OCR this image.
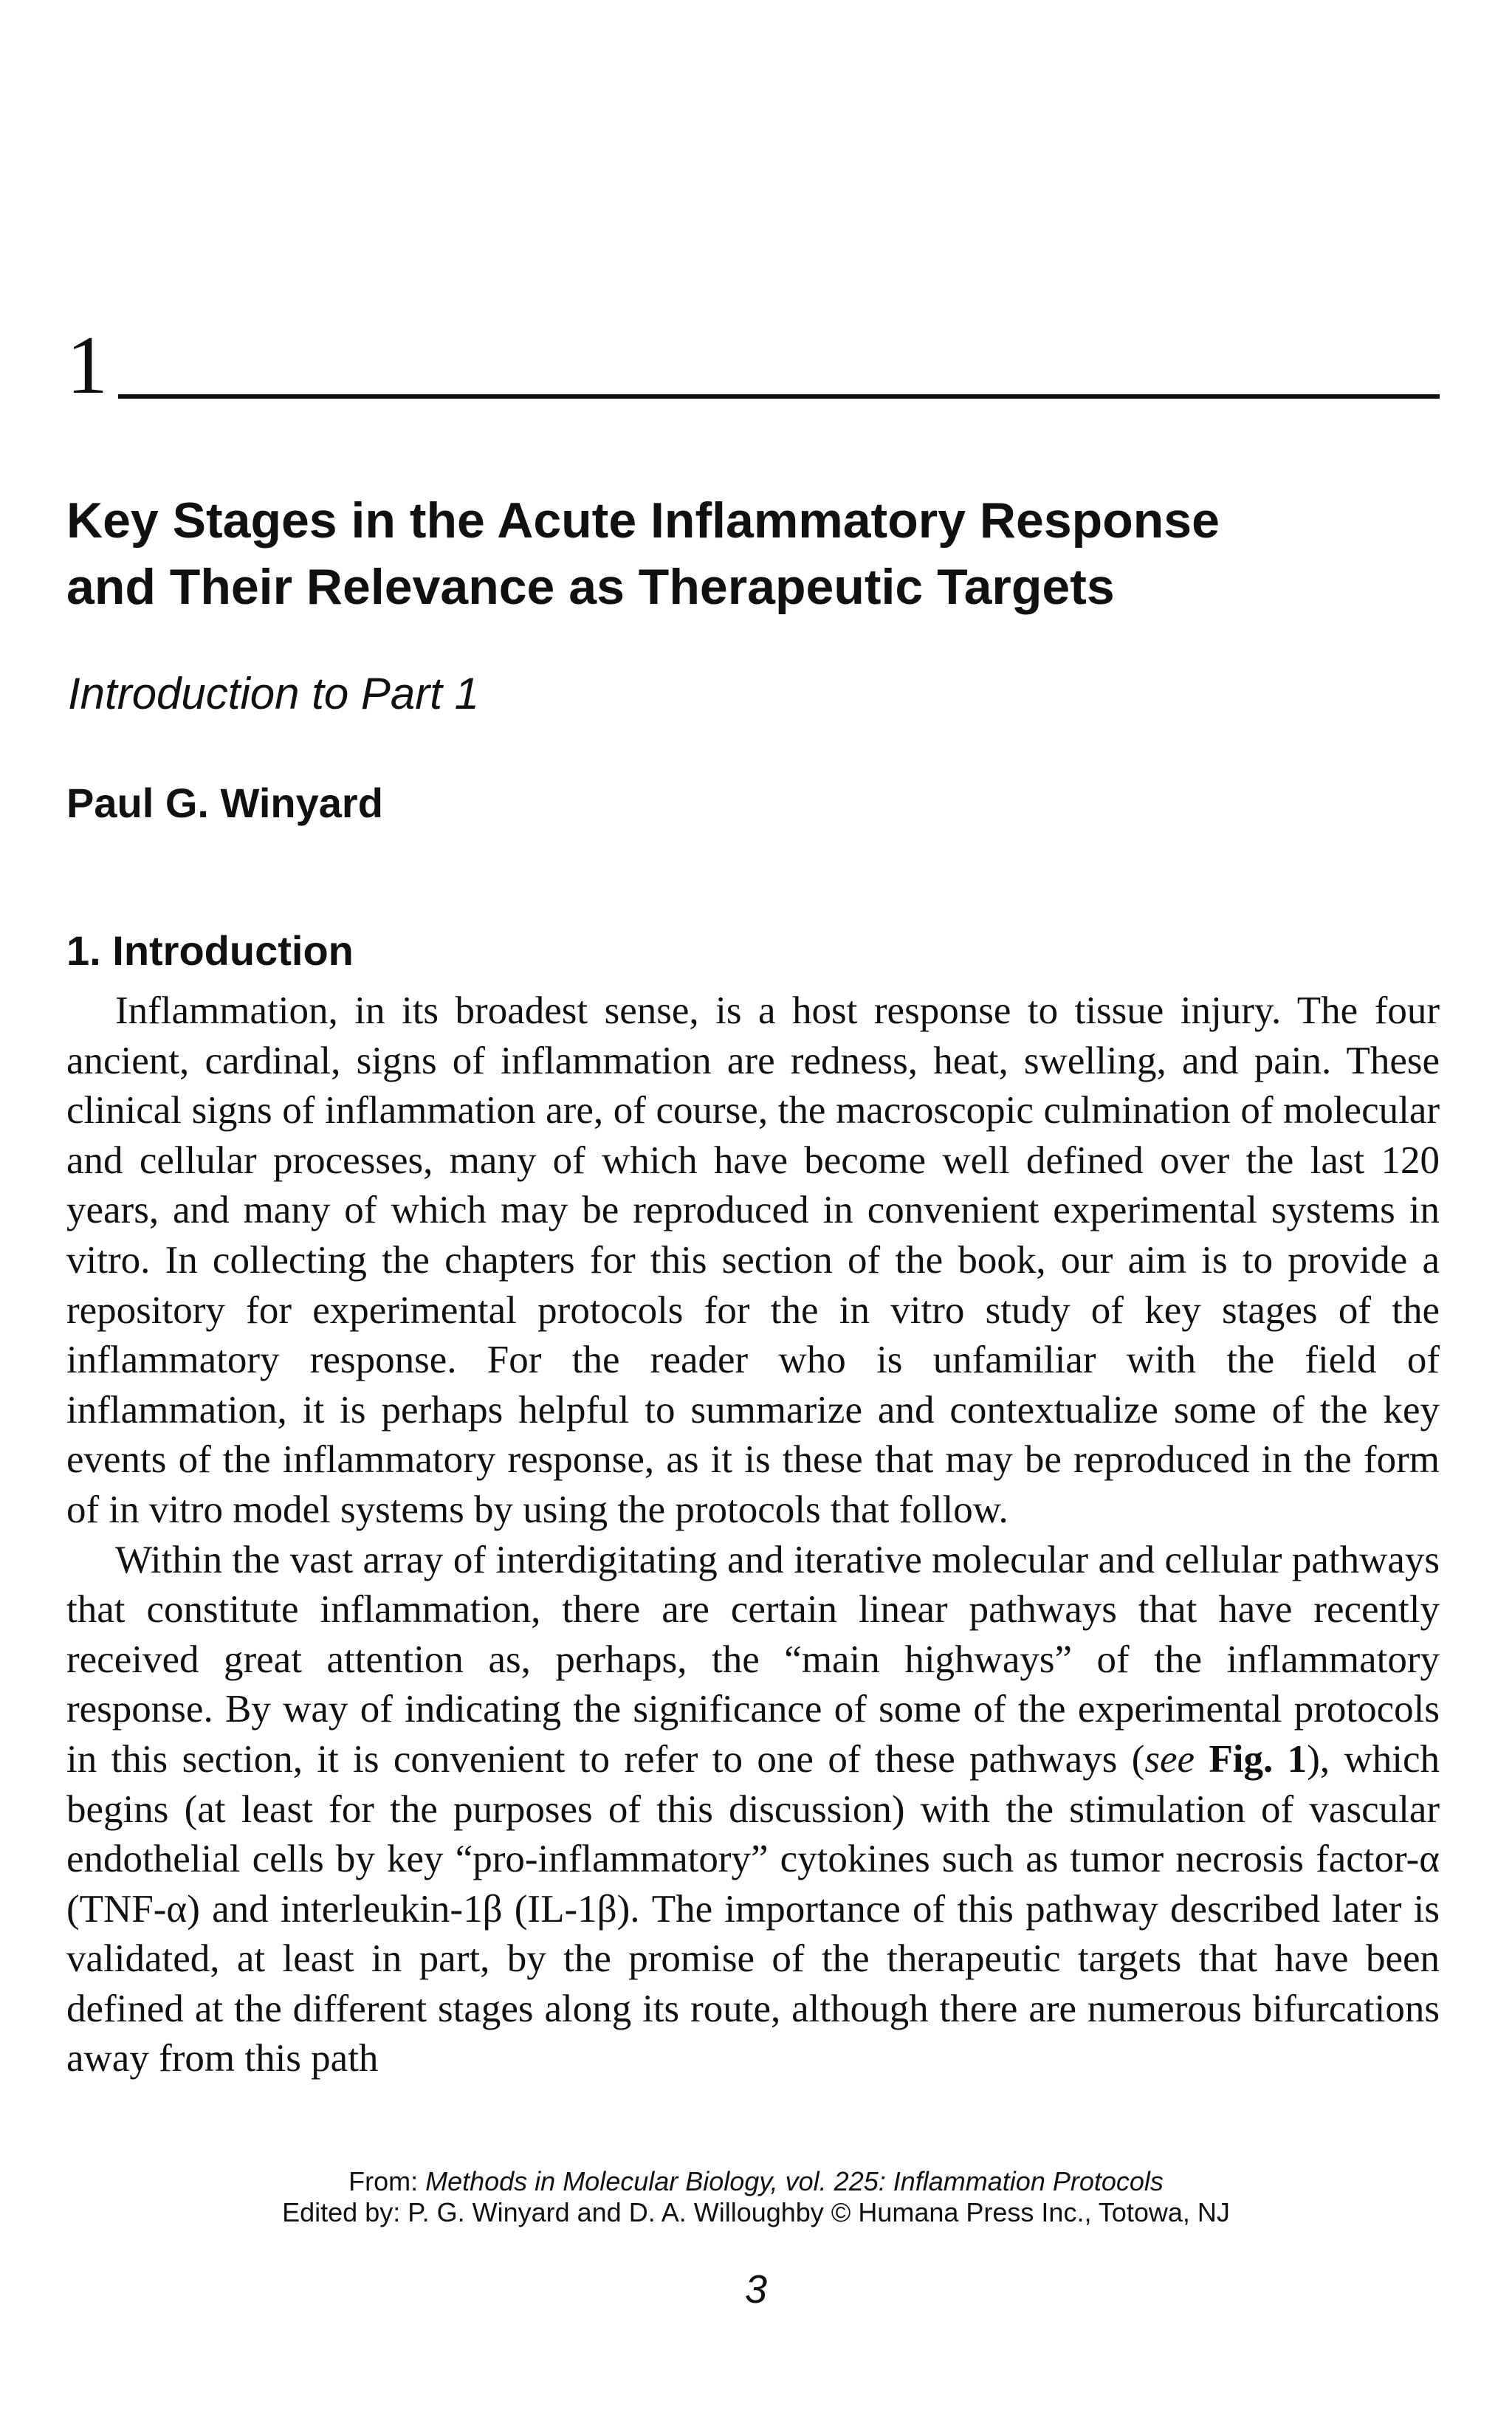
1
Key Stages in the Acute Inflammatory Response
and Their Relevance as Therapeutic Targets
Introduction to Part 1
Paul G. Winyard
1. Introduction

Inflammation, in its broadest sense, is a host response to tissue injury. The four ancient, cardinal, signs of inflammation are redness, heat, swelling, and pain. These clinical signs of inflammation are, of course, the macroscopic culmination of molecular and cellular processes, many of which have become well defined over the last 120 years, and many of which may be reproduced in convenient experimental systems in vitro. In collecting the chapters for this section of the book, our aim is to provide a repository for experimental protocols for the in vitro study of key stages of the inflammatory response. For the reader who is unfamiliar with the field of inflammation, it is perhaps helpful to summarize and contextualize some of the key events of the inflammatory response, as it is these that may be reproduced in the form of in vitro model systems by using the protocols that follow.

Within the vast array of interdigitating and iterative molecular and cellular pathways that constitute inflammation, there are certain linear pathways that have recently received great attention as, perhaps, the “main highways” of the inflammatory response. By way of indicating the significance of some of the experimental protocols in this section, it is convenient to refer to one of these pathways (see Fig. 1), which begins (at least for the purposes of this discussion) with the stimulation of vascular endothelial cells by key “pro-inflammatory” cytokines such as tumor necrosis factor-α (TNF-α) and interleukin-1β (IL-1β). The importance of this pathway described later is validated, at least in part, by the promise of the therapeutic targets that have been defined at the different stages along its route, although there are numerous bifurcations away from this path

From: Methods in Molecular Biology, vol. 225: Inflammation Protocols
Edited by: P. G. Winyard and D. A. Willoughby © Humana Press Inc., Totowa, NJ
3
